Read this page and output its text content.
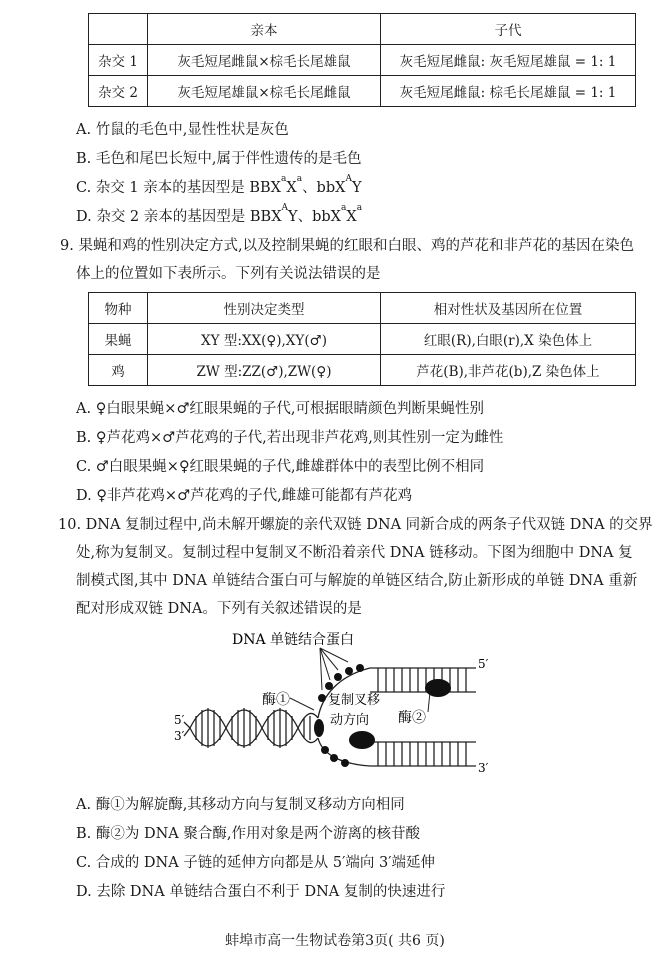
	亲本	子代
杂交 1	灰毛短尾雌鼠×棕毛长尾雄鼠	灰毛短尾雌鼠: 灰毛短尾雄鼠 = 1: 1
杂交 2	灰毛短尾雄鼠×棕毛长尾雌鼠	灰毛短尾雌鼠: 棕毛长尾雄鼠 = 1: 1
A. 竹鼠的毛色中,显性性状是灰色
B. 毛色和尾巴长短中,属于伴性遗传的是毛色
C. 杂交 1 亲本的基因型是 $BBX^aX^a$、bbX$^A$Y
D. 杂交 2 亲本的基因型是 $BBX^AY$、$bbX^aX^a$
9. 果蝇和鸡的性别决定方式,以及控制果蝇的红眼和白眼、鸡的芦花和非芦花的基因在染色
体上的位置如下表所示。下列有关说法错误的是
物种	性别决定类型	相对性状及基因所在位置
果蝇	XY 型:XX(♀),XY(♂)	红眼(R),白眼(r),X 染色体上
鸡	ZW 型:ZZ(♂),ZW(♀)	芦花(B),非芦花(b),Z 染色体上
A. ♀白眼果蝇×♂红眼果蝇的子代,可根据眼睛颜色判断果蝇性别
B. ♀芦花鸡×♂芦花鸡的子代,若出现非芦花鸡,则其性别一定为雌性
C. ♂白眼果蝇×♀红眼果蝇的子代,雌雄群体中的表型比例不相同
D. ♀非芦花鸡×♂芦花鸡的子代,雌雄可能都有芦花鸡
10. DNA 复制过程中,尚未解开螺旋的亲代双链 DNA 同新合成的两条子代双链 DNA 的交界
处,称为复制叉。复制过程中复制叉不断沿着亲代 DNA 链移动。下图为细胞中 DNA 复
制模式图,其中 DNA 单链结合蛋白可与解旋的单链区结合,防止新形成的单链 DNA 重新
配对形成双链 DNA。下列有关叙述错误的是
DNA 单链结合蛋白
酶①	复制叉移
动方向 酶②
5′
3′
5′
3′
A. 酶①为解旋酶,其移动方向与复制叉移动方向相同
B. 酶②为 DNA 聚合酶,作用对象是两个游离的核苷酸
C. 合成的 DNA 子链的延伸方向都是从 5′端向 3′端延伸
D. 去除 DNA 单链结合蛋白不利于 DNA 复制的快速进行
蚌埠市高一生物试卷第3页( 共6 页)
